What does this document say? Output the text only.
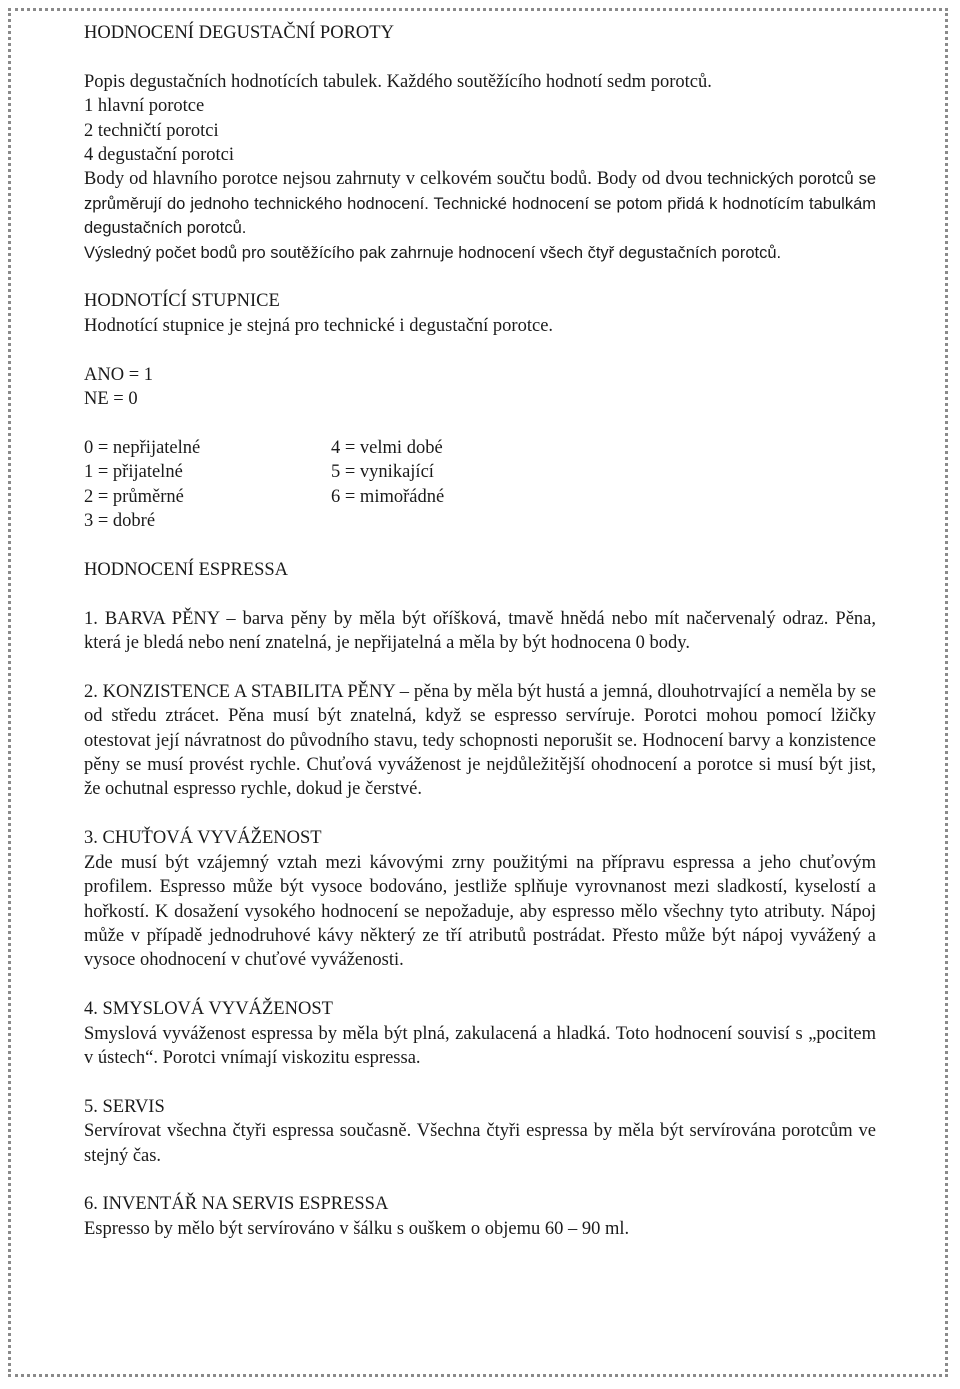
HODNOCENÍ DEGUSTAČNÍ POROTY

Popis degustačních hodnotících tabulek. Každého soutěžícího hodnotí sedm porotců.

1 hlavní porotce

2 techničtí porotci

4 degustační porotci

Body od hlavního porotce nejsou zahrnuty v celkovém součtu bodů. Body od dvou technických porotců se zprůměrují do jednoho technického hodnocení. Technické hodnocení se potom přidá k hodnotícím tabulkám degustačních porotců.

Výsledný počet bodů pro soutěžícího pak zahrnuje hodnocení všech čtyř degustačních porotců.

HODNOTÍCÍ STUPNICE

Hodnotící stupnice je stejná pro technické i degustační porotce.

ANO = 1

NE = 0

0 = nepřijatelné	4 = velmi dobé
1 = přijatelné	5 = vynikající
2 = průměrné	6 = mimořádné
3 = dobré

HODNOCENÍ ESPRESSA

1. BARVA PĚNY – barva pěny by měla být oříšková, tmavě hnědá nebo mít načervenalý odraz. Pěna, která je bledá nebo není znatelná, je nepřijatelná a měla by být hodnocena 0 body.

2. KONZISTENCE A STABILITA PĚNY – pěna by měla být hustá a jemná, dlouhotrvající a neměla by se od středu ztrácet. Pěna musí být znatelná, když se espresso servíruje. Porotci mohou pomocí lžičky otestovat její návratnost do původního stavu, tedy schopnosti neporušit se. Hodnocení barvy a konzistence pěny se musí provést rychle. Chuťová vyváženost je nejdůležitější ohodnocení a porotce si musí být jist, že ochutnal espresso rychle, dokud je čerstvé.

3. CHUŤOVÁ VYVÁŽENOST

Zde musí být vzájemný vztah mezi kávovými zrny použitými na přípravu espressa a jeho chuťovým profilem. Espresso může být vysoce bodováno, jestliže splňuje vyrovnanost mezi sladkostí, kyselostí a hořkostí. K dosažení vysokého hodnocení se nepožaduje, aby espresso mělo všechny tyto atributy. Nápoj může v případě jednodruhové kávy některý ze tří atributů postrádat. Přesto může být nápoj vyvážený a vysoce ohodnocení v chuťové vyváženosti.

4. SMYSLOVÁ VYVÁŽENOST

Smyslová vyváženost espressa by měla být plná, zakulacená a hladká. Toto hodnocení souvisí s „pocitem v ústech“. Porotci vnímají viskozitu espressa.

5. SERVIS

Servírovat všechna čtyři espressa současně. Všechna čtyři espressa by měla být servírována porotcům ve stejný čas.

6. INVENTÁŘ NA SERVIS ESPRESSA

Espresso by mělo být servírováno v šálku s ouškem o objemu 60 – 90 ml.
